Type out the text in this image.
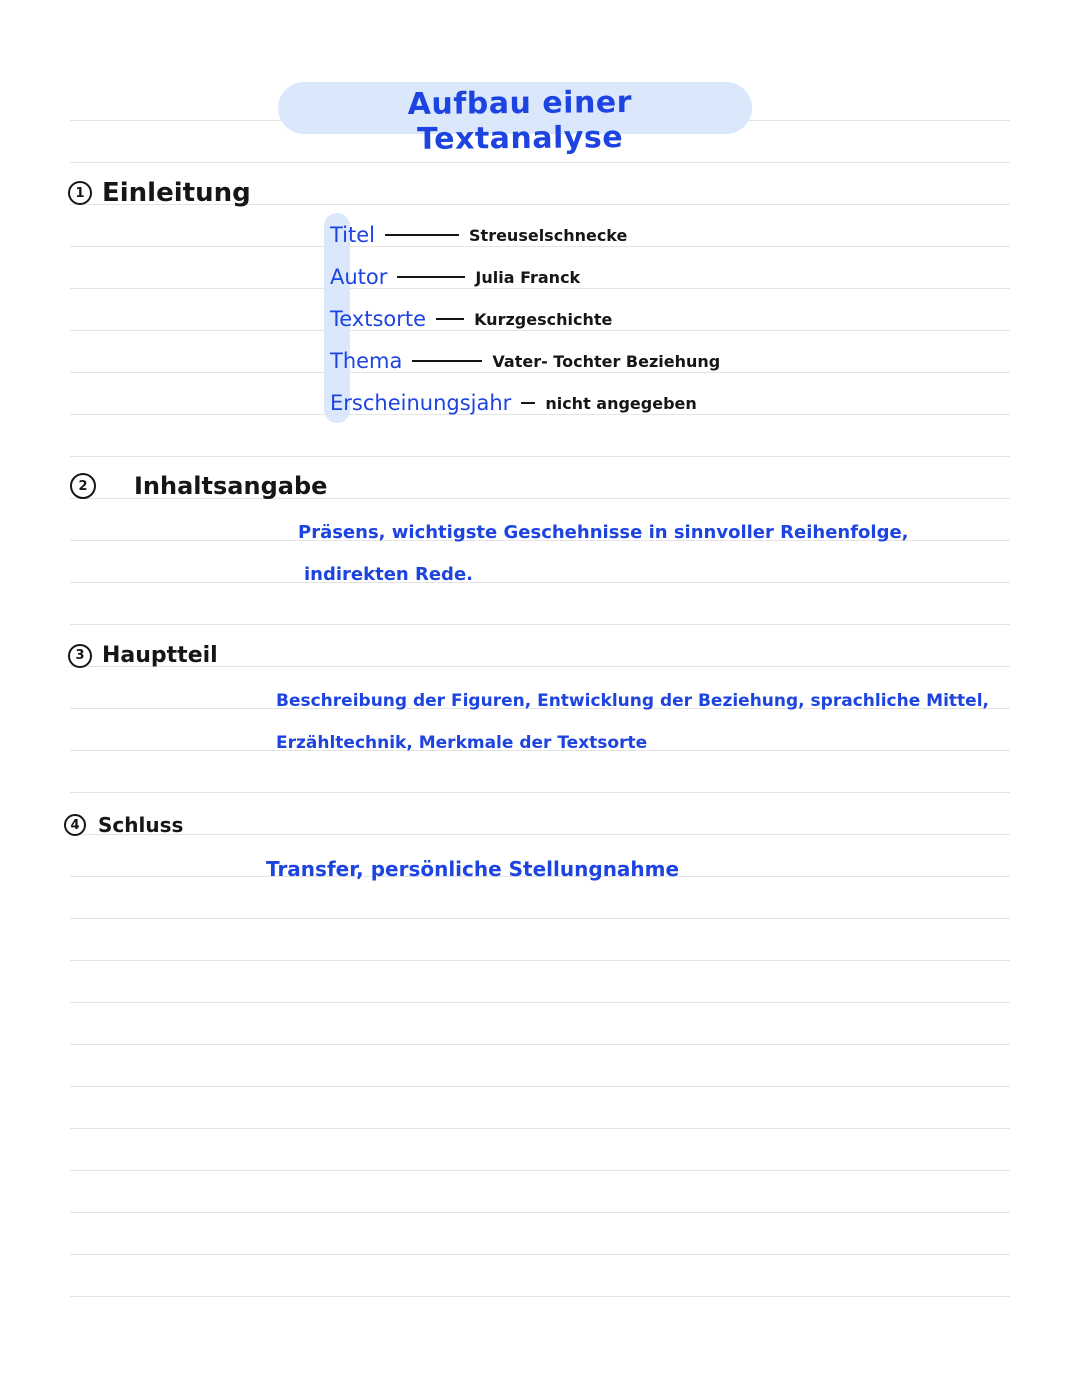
Aufbau einer Textanalyse
1 Einleitung
Titel	Streuselschnecke
Autor	Julia Franck
Textsorte	Kurzgeschichte
Thema	Vater- Tochter Beziehung
Erscheinungsjahr nicht angegeben
2	Inhaltsangabe
Präsens, wichtigste Geschehnisse in sinnvoller Reihenfolge,
indirekten Rede.
3 Hauptteil
Beschreibung der Figuren, Entwicklung der Beziehung, sprachliche Mittel,
Erzähltechnik, Merkmale der Textsorte
4 Schluss
Transfer, persönliche Stellungnahme
